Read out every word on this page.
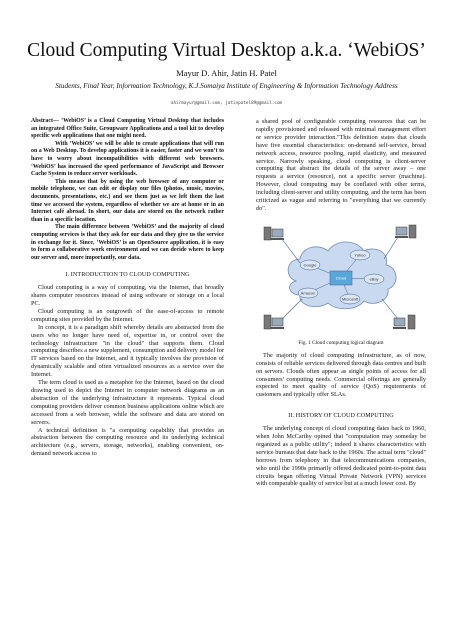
Cloud Computing Virtual Desktop a.k.a. ‘WebiOS’
Mayur D. Ahir, Jatin H. Patel
Students, Final Year, Information Technology, K.J.Somaiya Institute of Engineering & Information Technology Address
ahirmayur@gmail.com, jatinpatel89@gmail.com

Abstract— ‘WebiOS’ is a Cloud Computing Virtual Desktop that includes an integrated Office Suite, Groupware Applications and a tool kit to develop specific web applications that one might need.

With ‘WebiOS’ we will be able to create applications that will run on a Web Desktop. To develop applications it is easier, faster and we won’t to have to worry about incompatibilities with different web browsers. ‘WebiOS’ has increased the speed performance of JavaScript and Browser Cache System to reduce server workloads.

This means that by using the web browser of any computer or mobile telephone, we can edit or display our files (photos, music, movies, documents, presentations, etc.) and see them just as we left them the last time we accessed the system, regardless of whether we are at home or in an Internet café abroad. In short, our data are stored on the network rather than in a specific location.

The main difference between ‘WebiOS’ and the majority of cloud computing services is that they ask for our data and they give us the service in exchange for it. Since, ‘WebiOS’ is an OpenSource application, it is easy to form a collaborative work environment and we can decide where to keep our server and, more importantly, our data.

I. INTRODUCTION TO CLOUD COMPUTING

Cloud computing is a way of computing, via the Internet, that broadly shares computer resources instead of using software or storage on a local PC.

Cloud computing is an outgrowth of the ease-of-access to remote computing sites provided by the Internet.

In concept, it is a paradigm shift whereby details are abstracted from the users who no longer have need of, expertise in, or control over the technology infrastructure "in the cloud" that supports them. Cloud computing describes a new supplement, consumption and delivery model for IT services based on the Internet, and it typically involves the provision of dynamically scalable and often virtualized resources as a service over the Internet.

The term cloud is used as a metaphor for the Internet, based on the cloud drawing used to depict the Internet in computer network diagrams as an abstraction of the underlying infrastructure it represents. Typical cloud computing providers deliver common business applications online which are accessed from a web browser, while the software and data are stored on servers.

A technical definition is "a computing capability that provides an abstraction between the computing resource and its underlying technical architecture (e.g., servers, storage, networks), enabling convenient, on-demand network access to

a shared pool of configurable computing resources that can be rapidly provisioned and released with minimal management effort or service provider interaction."This definition states that clouds have five essential characteristics: on-demand self-service, broad network access, resource pooling, rapid elasticity, and measured service. Narrowly speaking, cloud computing is client-server computing that abstract the details of the server away – one requests a service (resource), not a specific server (machine). However, cloud computing may be conflated with other terms, including client-server and utility computing, and the term has been criticized as vague and referring to "everything that we currently do".

Google
Yahoo
Amazon
eBay
Microsoft
Cloud
Fig. 1 Cloud computing logical diagram

The majority of cloud computing infrastructure, as of now, consists of reliable services delivered through data centres and built on servers. Clouds often appear as single points of access for all consumers' computing needs. Commercial offerings are generally expected to meet quality of service (QoS) requirements of customers and typically offer SLAs.

II. HISTORY OF CLOUD COMPUTING

The underlying concept of cloud computing dates back to 1960, when John McCarthy opined that "computation may someday be organized as a public utility"; indeed it shares characteristics with service bureaus that date back to the 1960s. The actual term "cloud" borrows from telephony in that telecommunications companies, who until the 1990s primarily offered dedicated point-to-point data circuits began offering Virtual Private Network (VPN) services with comparable quality of service but at a much lower cost. By
